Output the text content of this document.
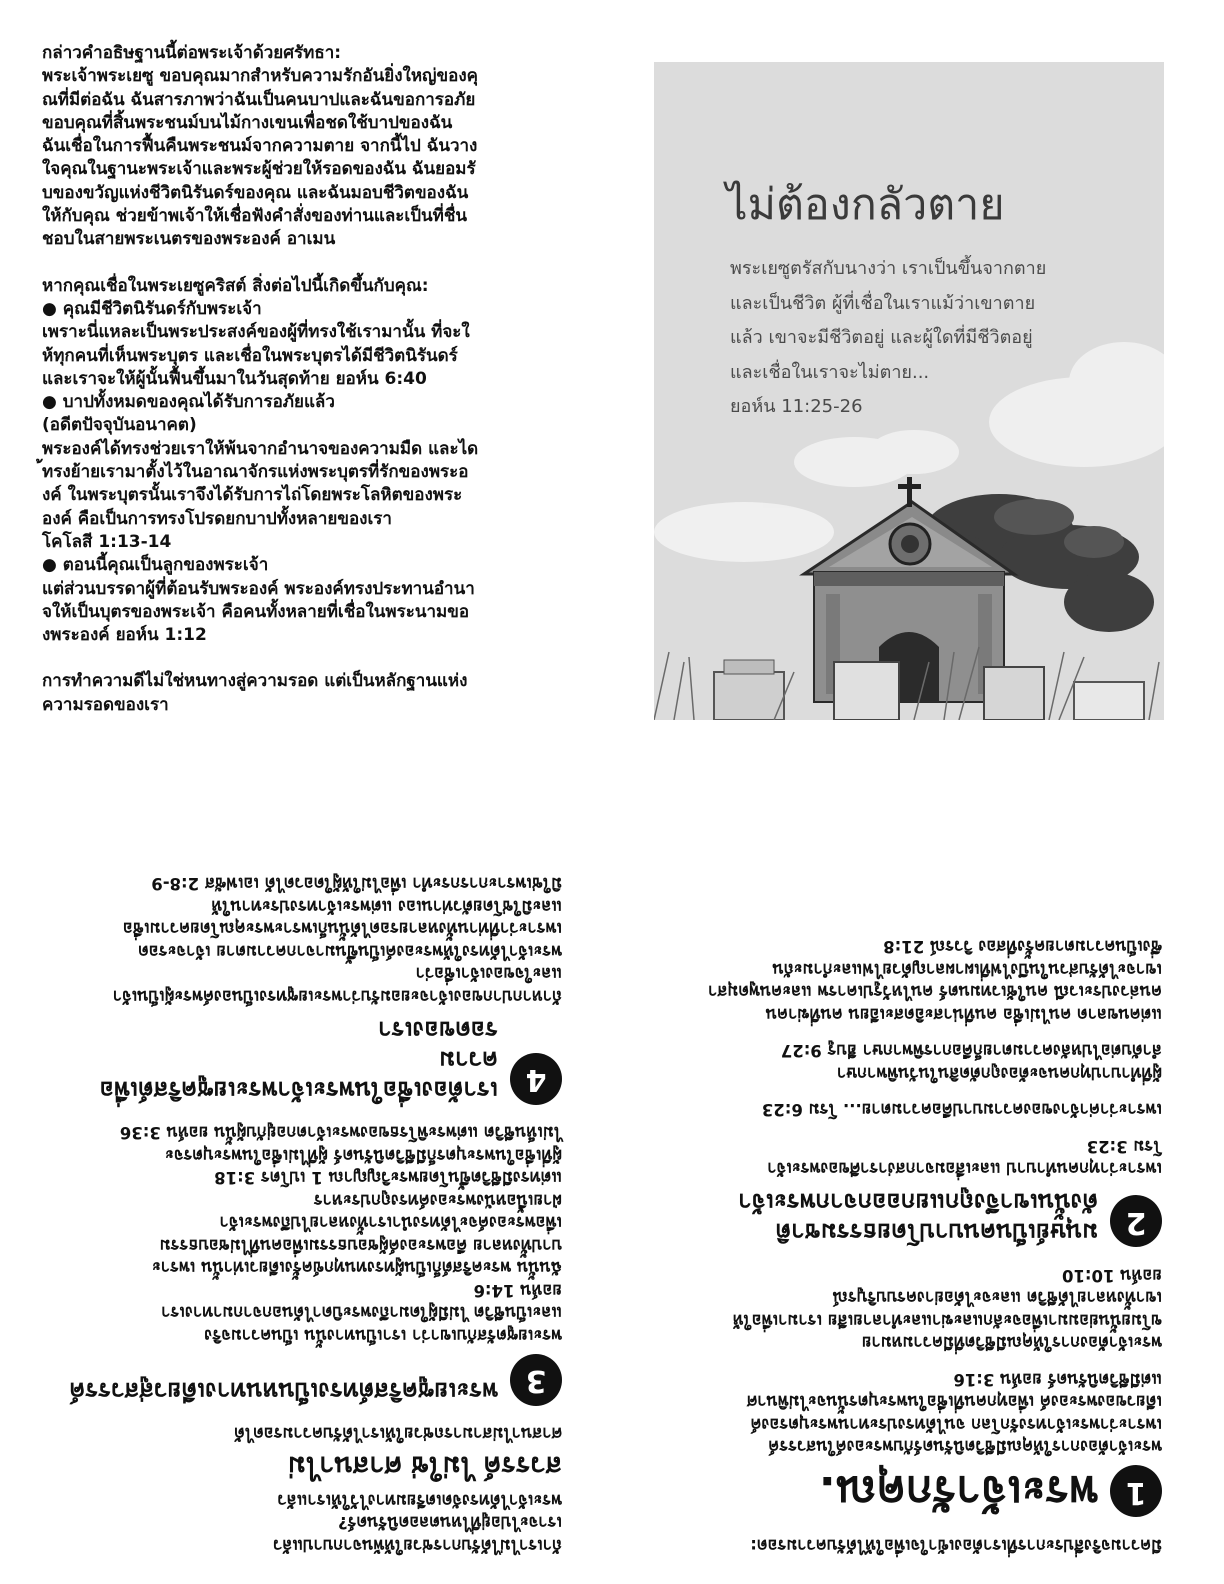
กล่าวคำอธิษฐานนี้ต่อพระเจ้าด้วยศรัทธา:

พระเจ้าพระเยซู ขอบคุณมากสำหรับความรักอันยิ่งใหญ่ของคุ

ณที่มีต่อฉัน ฉันสารภาพว่าฉันเป็นคนบาปและฉันขอการอภัย

ขอบคุณที่สิ้นพระชนม์บนไม้กางเขนเพื่อชดใช้บาปของฉัน

ฉันเชื่อในการฟื้นคืนพระชนม์จากความตาย จากนี้ไป ฉันวาง

ใจคุณในฐานะพระเจ้าและพระผู้ช่วยให้รอดของฉัน ฉันยอมรั

บของขวัญแห่งชีวิตนิรันดร์ของคุณ และฉันมอบชีวิตของฉัน

ให้กับคุณ ช่วยข้าพเจ้าให้เชื่อฟังคำสั่งของท่านและเป็นที่ชื่น

ชอบในสายพระเนตรของพระองค์ อาเมน

หากคุณเชื่อในพระเยซูคริสต์ สิ่งต่อไปนี้เกิดขึ้นกับคุณ:

● คุณมีชีวิตนิรันดร์กับพระเจ้า

เพราะนี่แหละเป็นพระประสงค์ของผู้ที่ทรงใช้เรามานั้น ที่จะใ

ห้ทุกคนที่เห็นพระบุตร และเชื่อในพระบุตรได้มีชีวิตนิรันดร์

และเราจะให้ผู้นั้นฟื้นขึ้นมาในวันสุดท้าย ยอห์น 6:40

● บาปทั้งหมดของคุณได้รับการอภัยแล้ว

(อดีตปัจจุบันอนาคต)

พระองค์ได้ทรงช่วยเราให้พ้นจากอำนาจของความมืด และได

้ทรงย้ายเรามาตั้งไว้ในอาณาจักรแห่งพระบุตรที่รักของพระอ

งค์ ในพระบุตรนั้นเราจึงได้รับการไถ่โดยพระโลหิตของพระ

องค์ คือเป็นการทรงโปรดยกบาปทั้งหลายของเรา

โคโลสี 1:13-14

● ตอนนี้คุณเป็นลูกของพระเจ้า

แต่ส่วนบรรดาผู้ที่ต้อนรับพระองค์ พระองค์ทรงประทานอำนา

จให้เป็นบุตรของพระเจ้า คือคนทั้งหลายที่เชื่อในพระนามขอ

งพระองค์ ยอห์น 1:12

การทำความดีไม่ใช่หนทางสู่ความรอด แต่เป็นหลักฐานแห่ง

ความรอดของเรา

ไม่ต้องกลัวตาย

พระเยซูตรัสกับนางว่า เราเป็นขึ้นจากตาย

และเป็นชีวิต ผู้ที่เชื่อในเราแม้ว่าเขาตาย

แล้ว เขาจะมีชีวิตอยู่ และผู้ใดที่มีชีวิตอยู่

และเชื่อในเราจะไม่ตาย...

ยอห์น 11:25-26

มีความจริงสี่ประการที่เราต้องเข้าใจเพื่อให้ได้รับความรอด:

1
พระเจ้ารักคุณ.

พระเจ้าต้องการให้คุณมีชีวิตนิรันดร์กับพระองค์ในสวรรค์

เพราะว่าพระเจ้าทรงรักโลก จนได้ทรงประทานพระบุตรองค์

เดียวของพระองค์ เพื่อทุกคนที่เชื่อในพระบุตรนั้นจะไม่พินาศ

แต่มีชีวิตนิรันดร์ ยอห์น 3:16

พระเจ้าต้องการให้คุณมีชีวิตที่มีความหมาย

ขโมยนั้นย่อมมาเพื่อจะลักและฆ่าและทำลายเสีย เรามาเพื่อให้

เขาทั้งหลายได้ชีวิต และจะได้อย่างครบบริบูรณ์

ยอห์น 10:10

2
มนุษย์เป็นคนบาปโดยธรรมชาติ
ดังนั้นเขาจึงถูกแยกออกจากพระเจ้า

เพราะว่าทุกคนทำบาป และเสื่อมจากสง่าราศีของพระเจ้า

โรม 3:23

เพราะว่าค่าจ้างของความบาปคือความตาย... โรม 6:23

ผู้ที่ทำบาปทุกคนจะต้องถูกตัดสินในวันพิพากษา

ลำดับต่อไปหลังความตายก็คือการพิพากษา ฮีบรู 9:27

แต่คนขลาด คนไม่เชื่อ คนที่น่าสะอิดสะเอียน คนที่ฆ่าคน

คนล่วงประเวณี คนใช้เวทมนตร์ คนไหว้รูปเคารพ และคนพูดมุสา

เขาจะได้รับส่วนในบึงไฟที่เผาผลาญด้วยไฟและกำมะถัน

ซึ่งเป็นความตายครั้งที่สอง วิวรณ์ 21:8

ถ้าเราไม่ได้รับการช่วยให้พ้นจากบาปแล้ว

เราจะไปอยู่ที่ไหนตลอดนิรันดร์?

พระเจ้าได้ทรงจัดเตรียมทางไว้ให้เราแล้ว

สวรรค์ ไม่ใช่ ศาสนาไม่

ศาสนาไม่สามารถช่วยให้เราได้รับความรอดได้

3
พระเยซูคริสต์ทรงเป็นหนทางเดียวสู่สวรรค์

พระเยซูตรัสกับเขาว่า เราเป็นทางนั้น เป็นความจริง

และเป็นชีวิต ไม่มีผู้ใดมาถึงพระบิดาได้นอกจากมาทางเรา

ยอห์น 14:6

ฉันนั้น พระคริสต์ก็เป็นผู้ทรงทนทุกข์ครั้งเดียวเท่านั้น เพราะ

บาปทั้งหลาย คือพระองค์ผู้ชอบธรรมเพื่อคนที่ไม่ชอบธรรม

เพื่อพระองค์จะได้ทรงนำเราทั้งหลายไปถึงพระเจ้า

ฝ่ายเนื้อหนังพระองค์ทรงถูกประหาร

แต่ทรงมีชีวิตขึ้นโดยพระวิญญาณ 1 เปโตร 3:18

ผู้ที่เชื่อในพระบุตรก็มีชีวิตนิรันดร์ ผู้ที่ไม่เชื่อในพระบุตรจะ

ไม่เห็นชีวิต แต่พระพิโรธของพระเจ้าตกอยู่กับผู้นั้น ยอห์น 3:36

4
เราต้องเชื่อในพระเจ้าพระเยซูคริสต์เพื่อความ
รอดของเรา

ถ้าหากปากของเจ้าจะยอมรับว่าพระเยซูทรงเป็นองค์พระผู้เป็นเจ้า

และใจของเจ้าเชื่อว่า

พระเจ้าได้ทรงให้พระองค์เป็นขึ้นมาจากความตาย เจ้าจะรอด

เพราะว่าที่ท่านทั้งหลายรอดได้นั้นก็เพราะพระคุณโดยความเชื่อ

และมิใช่โดยตัวท่านเอง แต่พระเจ้าทรงประทานให้

มิใช่เพราะการกระทำ เพื่อไม่ให้ผู้ใดอวดได้ เอเฟซัส 2:8-9
